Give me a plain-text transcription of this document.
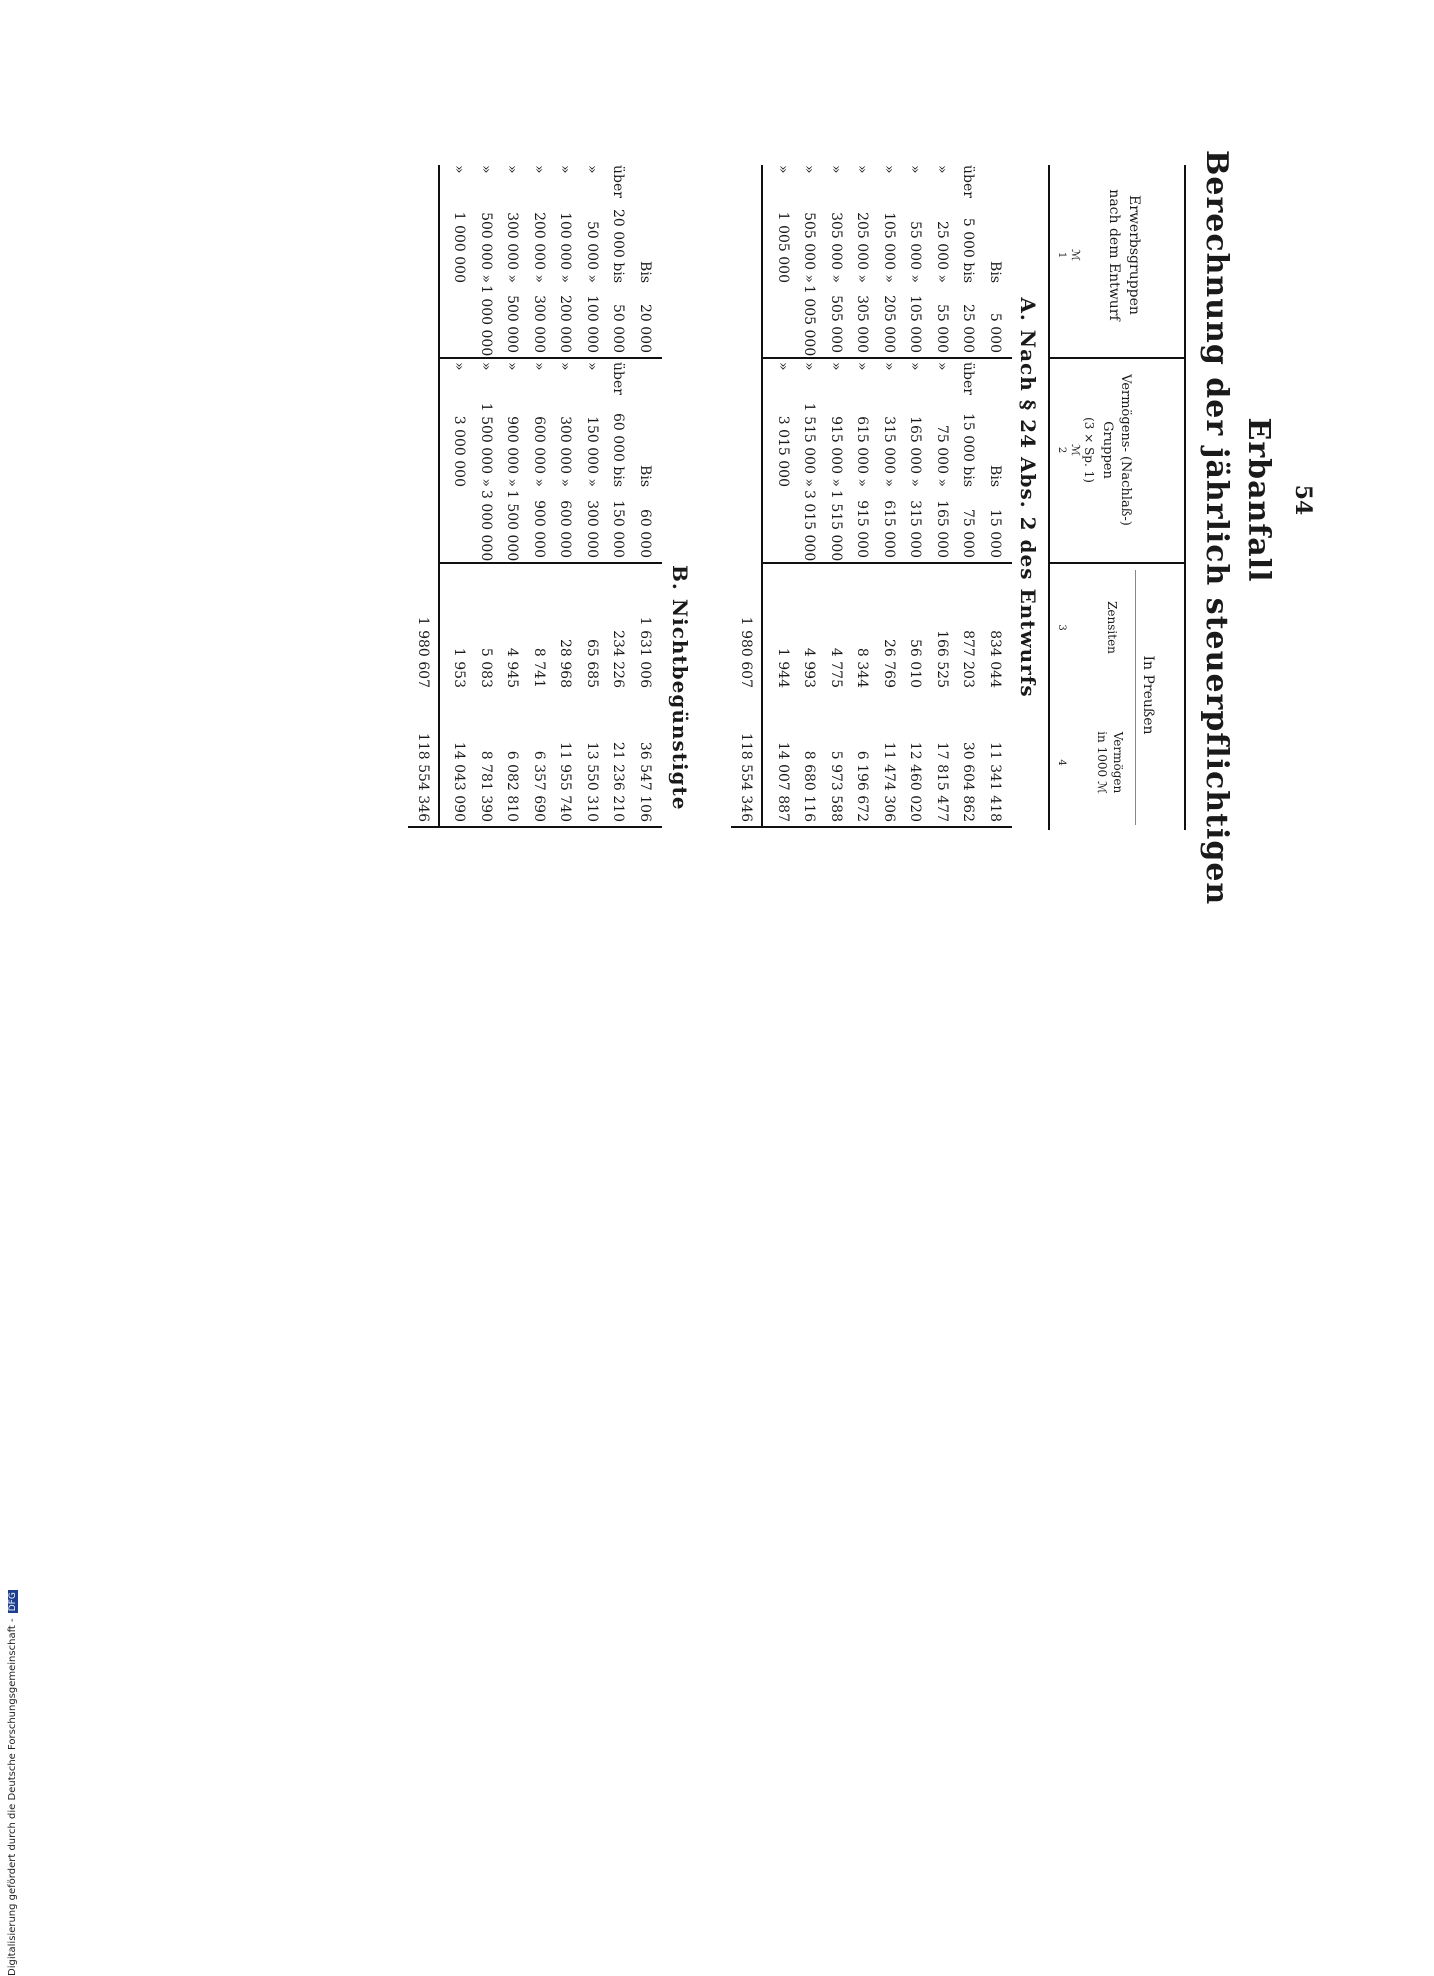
54
Erbanfall
Berechnung der jährlich steuerpflichtigen
Erwerbsgruppen
nach dem Entwurf
Vermögens- (Nachlaß-)
Gruppen
(3 × Sp. 1)
In Preußen
Zensiten
Vermögen
in 1000 ℳ
ℳ
1
ℳ
2
3
4
A. Nach § 24 Abs. 2 des Entwurfs
Bis
5 000
Bis
15 000
834 044
11 341 418
über
5 000 bis
25 000
über
15 000 bis
75 000
877 203
30 604 862
»
25 000 »
55 000
»
75 000 »
165 000
166 525
17 815 477
»
55 000 »
105 000
»
165 000 »
315 000
56 010
12 460 020
»
105 000 »
205 000
»
315 000 »
615 000
26 769
11 474 306
»
205 000 »
305 000
»
615 000 »
915 000
8 344
6 196 672
»
305 000 »
505 000
»
915 000 »
1 515 000
4 775
5 973 588
»
505 000 »
1 005 000
»
1 515 000 »
3 015 000
4 993
8 680 116
»
1 005 000
»
3 015 000
1 944
14 007 887
1 980 607
118 554 346
B. Nichtbegünstigte
Bis
20 000
Bis
60 000
1 631 006
36 547 106
über
20 000 bis
50 000
über
60 000 bis
150 000
234 226
21 236 210
»
50 000 »
100 000
»
150 000 »
300 000
65 685
13 550 310
»
100 000 »
200 000
»
300 000 »
600 000
28 968
11 955 740
»
200 000 »
300 000
»
600 000 »
900 000
8 741
6 357 690
»
300 000 »
500 000
»
900 000 »
1 500 000
4 945
6 082 810
»
500 000 »
1 000 000
»
1 500 000 »
3 000 000
5 083
8 781 390
»
1 000 000
»
3 000 000
1 953
14 043 090
1 980 607
118 554 346
Digitalisierung gefördert durch die Deutsche Forschungsgemeinschaft - DFG
